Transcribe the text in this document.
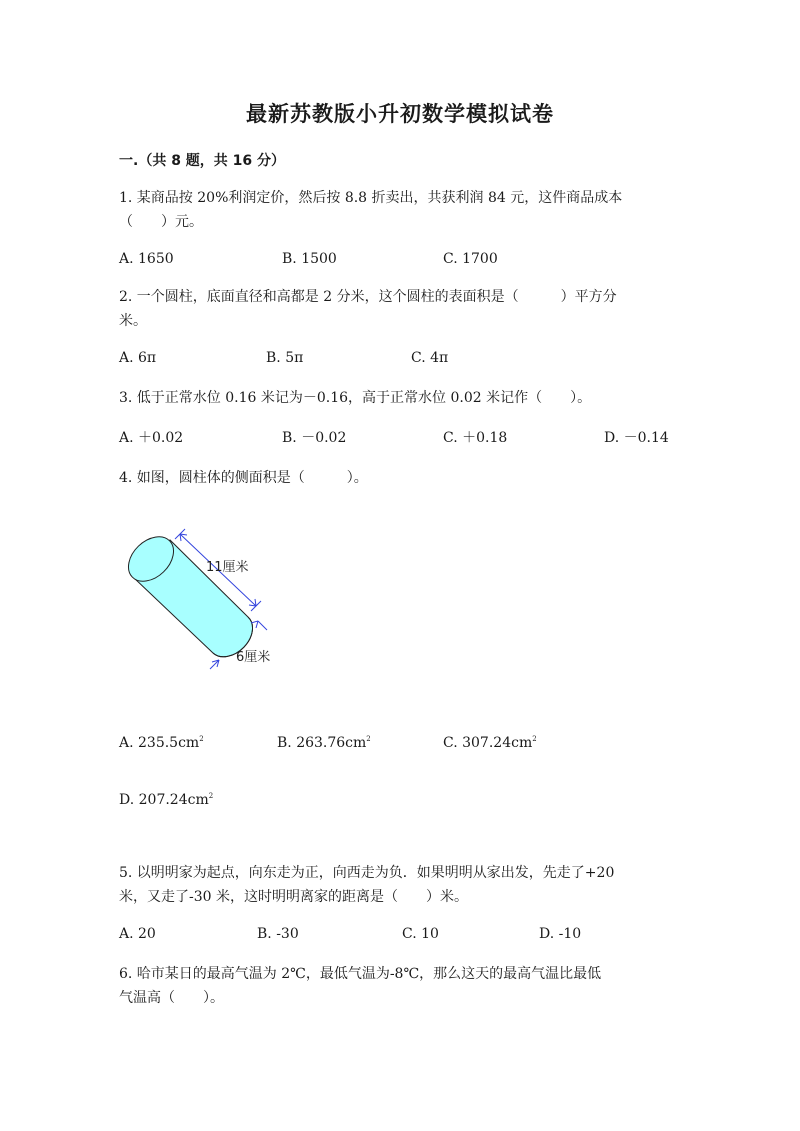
最新苏教版小升初数学模拟试卷
一.（共 8 题，共 16 分）
1. 某商品按 20%利润定价，然后按 8.8 折卖出，共获利润 84 元，这件商品成本
（　　）元。
A. 1650	B. 1500	C. 1700
2. 一个圆柱，底面直径和高都是 2 分米，这个圆柱的表面积是（　　　）平方分
米。
A. 6π	B. 5π	C. 4π
3. 低于正常水位 0.16 米记为－0.16，高于正常水位 0.02 米记作（　　）。
A. ＋0.02	B. －0.02	C. ＋0.18	D. －0.14
4. 如图，圆柱体的侧面积是（　　　）。
11厘米
6厘米
A. $235.5cm^2$	B. $263.76cm^2$	C. $307.24cm^2$
D. $207.24cm^2$
5. 以明明家为起点，向东走为正，向西走为负．如果明明从家出发，先走了+20
米，又走了-30 米，这时明明离家的距离是（　　）米。
A. 20	B. -30	C. 10	D. -10
6. 哈市某日的最高气温为 2℃，最低气温为-8℃，那么这天的最高气温比最低
气温高（　　）。
